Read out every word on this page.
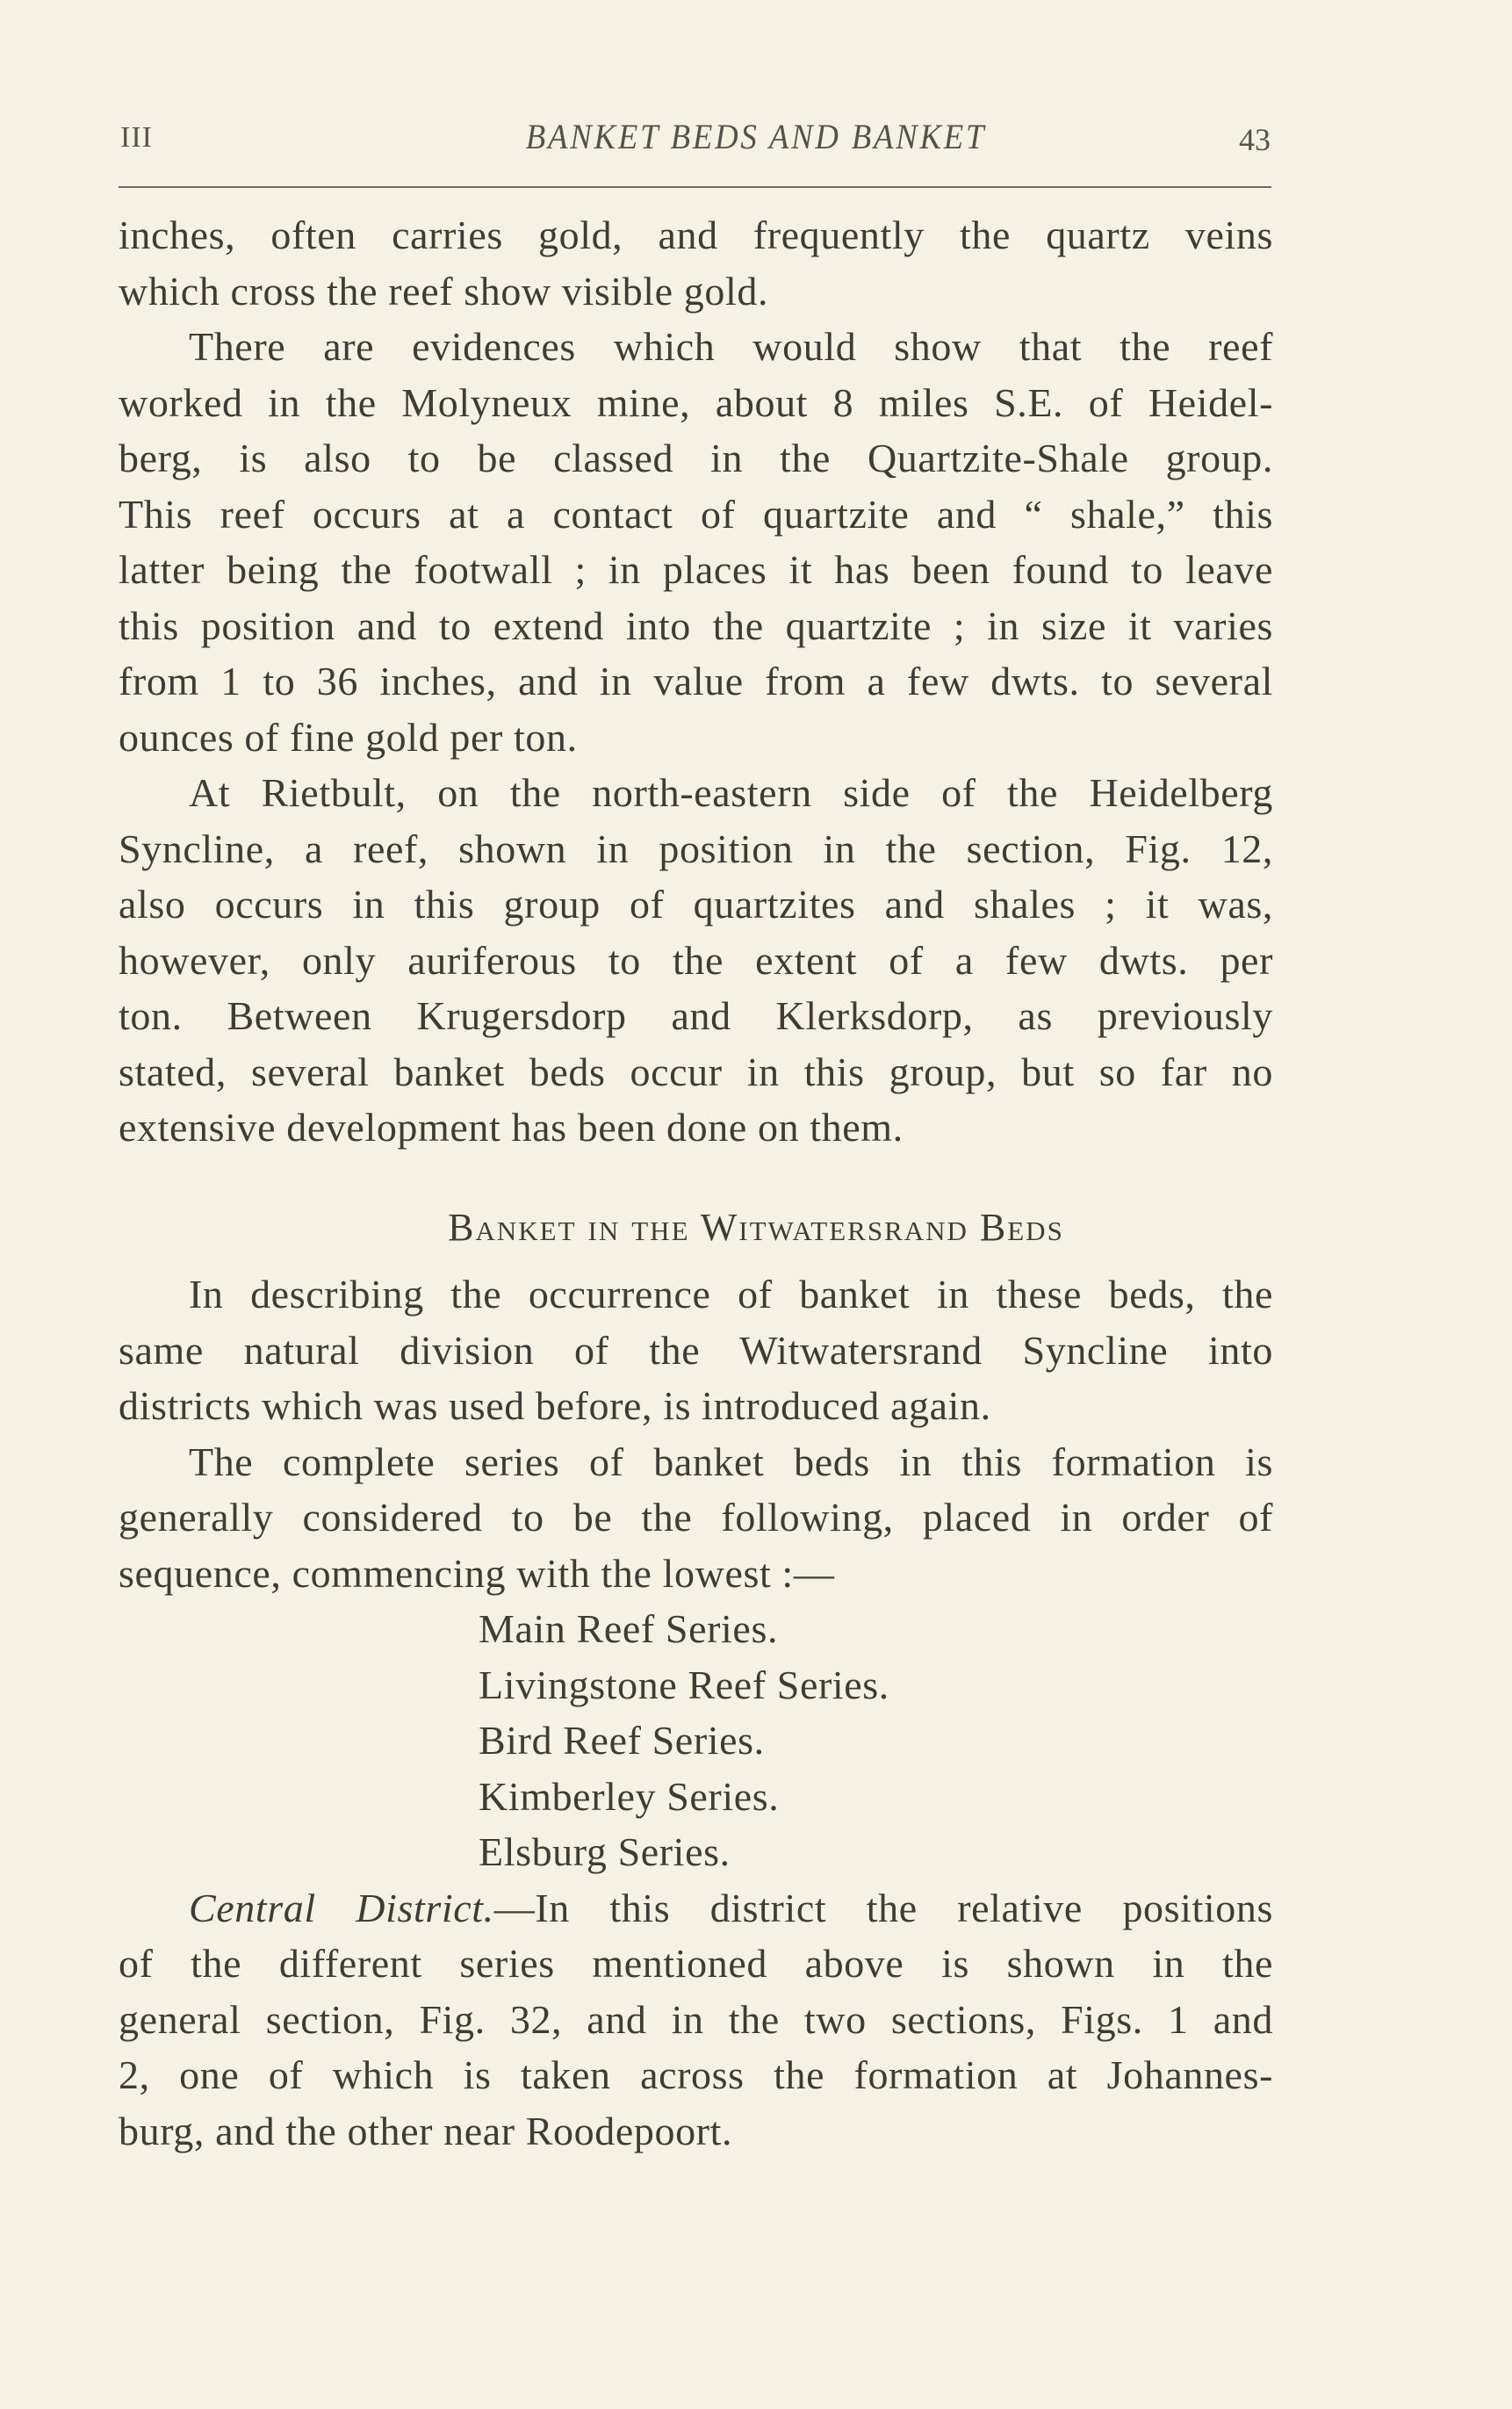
III	BANKET BEDS AND BANKET	43
inches, often carries gold, and frequently the quartz veins
which cross the reef show visible gold.
There are evidences which would show that the reef
worked in the Molyneux mine, about 8 miles S.E. of Heidel-
berg, is also to be classed in the Quartzite-Shale group.
This reef occurs at a contact of quartzite and “ shale,” this
latter being the footwall ; in places it has been found to leave
this position and to extend into the quartzite ; in size it varies
from 1 to 36 inches, and in value from a few dwts. to several
ounces of fine gold per ton.
At Rietbult, on the north-eastern side of the Heidelberg
Syncline, a reef, shown in position in the section, Fig. 12,
also occurs in this group of quartzites and shales ; it was,
however, only auriferous to the extent of a few dwts. per
ton. Between Krugersdorp and Klerksdorp, as previously
stated, several banket beds occur in this group, but so far no
extensive development has been done on them.
Banket in the Witwatersrand Beds
In describing the occurrence of banket in these beds, the
same natural division of the Witwatersrand Syncline into
districts which was used before, is introduced again.
The complete series of banket beds in this formation is
generally considered to be the following, placed in order of
sequence, commencing with the lowest :—
Main Reef Series.
Livingstone Reef Series.
Bird Reef Series.
Kimberley Series.
Elsburg Series.
Central District.—In this district the relative positions
of the different series mentioned above is shown in the
general section, Fig. 32, and in the two sections, Figs. 1 and
2, one of which is taken across the formation at Johannes-
burg, and the other near Roodepoort.
